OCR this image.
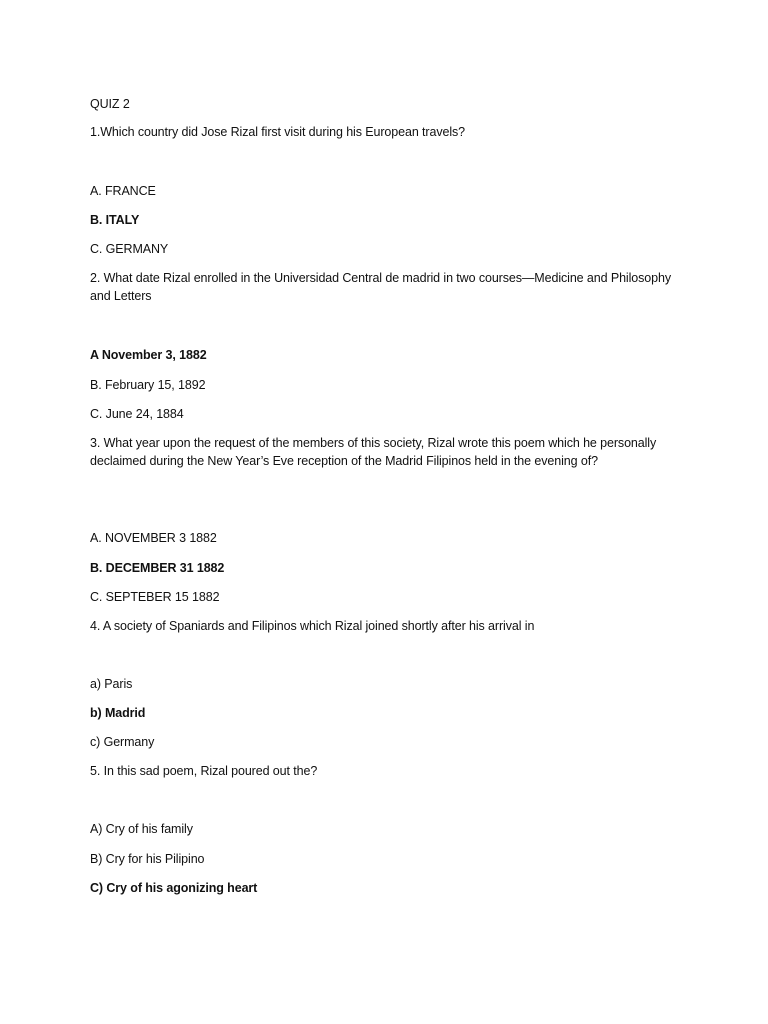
QUIZ 2
1.Which country did Jose Rizal first visit during his European travels?
A. FRANCE
B. ITALY
C. GERMANY
2. What date Rizal enrolled in the Universidad Central de madrid in two courses—Medicine and Philosophy and Letters
A November 3, 1882
B. February 15, 1892
C. June 24, 1884
3. What year upon the request of the members of this society, Rizal wrote this poem which he personally declaimed during the New Year’s Eve reception of the Madrid Filipinos held in the evening of?
A. NOVEMBER 3 1882
B. DECEMBER 31 1882
C. SEPTEBER 15 1882
4. A society of Spaniards and Filipinos which Rizal joined shortly after his arrival in
a) Paris
b) Madrid
c) Germany
5. In this sad poem, Rizal poured out the?
A) Cry of his family
B) Cry for his Pilipino
C) Cry of his agonizing heart
